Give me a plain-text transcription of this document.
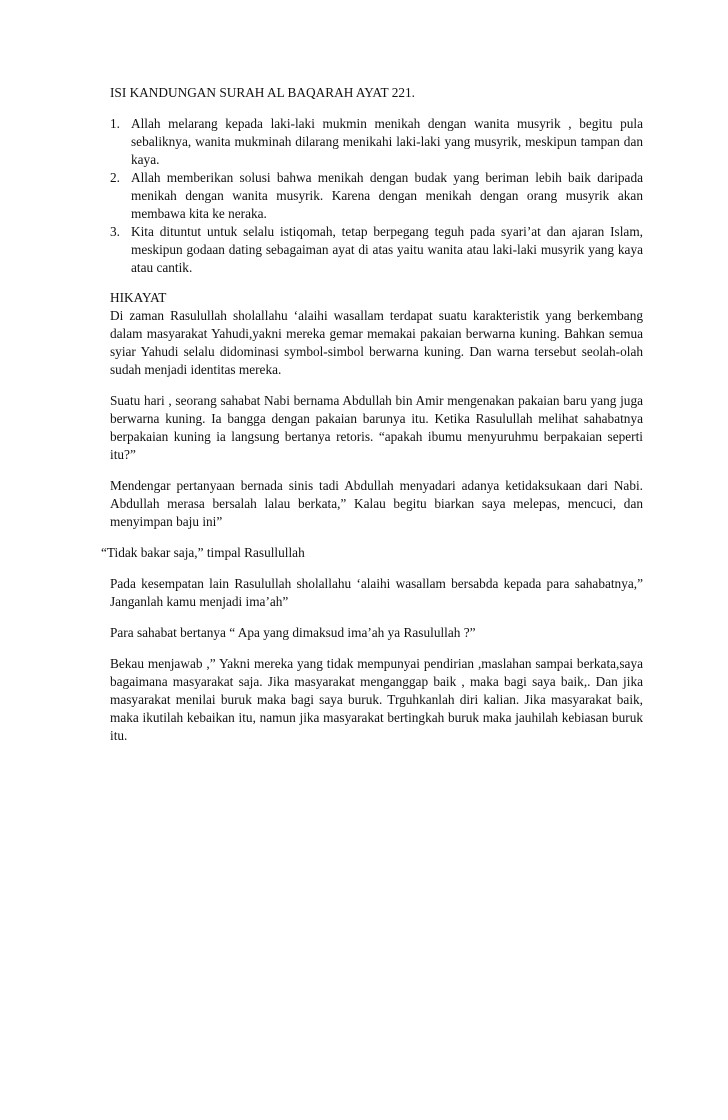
ISI KANDUNGAN SURAH AL BAQARAH AYAT 221.

1. Allah melarang kepada laki-laki mukmin menikah dengan wanita musyrik , begitu pula sebaliknya, wanita mukminah dilarang menikahi laki-laki yang musyrik, meskipun tampan dan kaya.
2. Allah memberikan solusi bahwa menikah dengan budak yang beriman lebih baik daripada menikah dengan wanita musyrik. Karena dengan menikah dengan orang musyrik akan membawa kita ke neraka.
3. Kita dituntut untuk selalu istiqomah, tetap berpegang teguh pada syari’at dan ajaran Islam, meskipun godaan dating sebagaiman ayat di atas yaitu wanita atau laki-laki musyrik yang kaya atau cantik.

HIKAYAT

Di zaman Rasulullah sholallahu ‘alaihi wasallam terdapat suatu karakteristik yang berkembang dalam masyarakat Yahudi,yakni mereka gemar memakai pakaian berwarna kuning. Bahkan semua syiar Yahudi selalu didominasi symbol-simbol berwarna kuning. Dan warna tersebut seolah-olah sudah menjadi identitas mereka.

Suatu hari , seorang sahabat Nabi bernama Abdullah bin Amir mengenakan pakaian baru yang juga berwarna kuning. Ia bangga dengan pakaian barunya itu. Ketika Rasulullah melihat sahabatnya berpakaian kuning ia langsung bertanya retoris. “apakah ibumu menyuruhmu berpakaian seperti itu?”

Mendengar pertanyaan bernada sinis tadi Abdullah menyadari adanya ketidaksukaan dari Nabi. Abdullah merasa bersalah lalau berkata,” Kalau begitu biarkan saya melepas, mencuci, dan menyimpan baju ini”

“Tidak bakar saja,” timpal Rasullullah

Pada kesempatan lain Rasulullah sholallahu ‘alaihi wasallam bersabda kepada para sahabatnya,” Janganlah kamu menjadi ima’ah”

Para sahabat bertanya “ Apa yang dimaksud ima’ah ya Rasulullah ?”

Bekau menjawab ,” Yakni mereka yang tidak mempunyai pendirian ,maslahan sampai berkata,saya bagaimana masyarakat saja. Jika masyarakat menganggap baik , maka bagi saya baik,. Dan jika masyarakat menilai buruk maka bagi saya buruk. Trguhkanlah diri kalian. Jika masyarakat baik, maka ikutilah kebaikan itu, namun jika masyarakat bertingkah buruk maka jauhilah kebiasan buruk itu.
